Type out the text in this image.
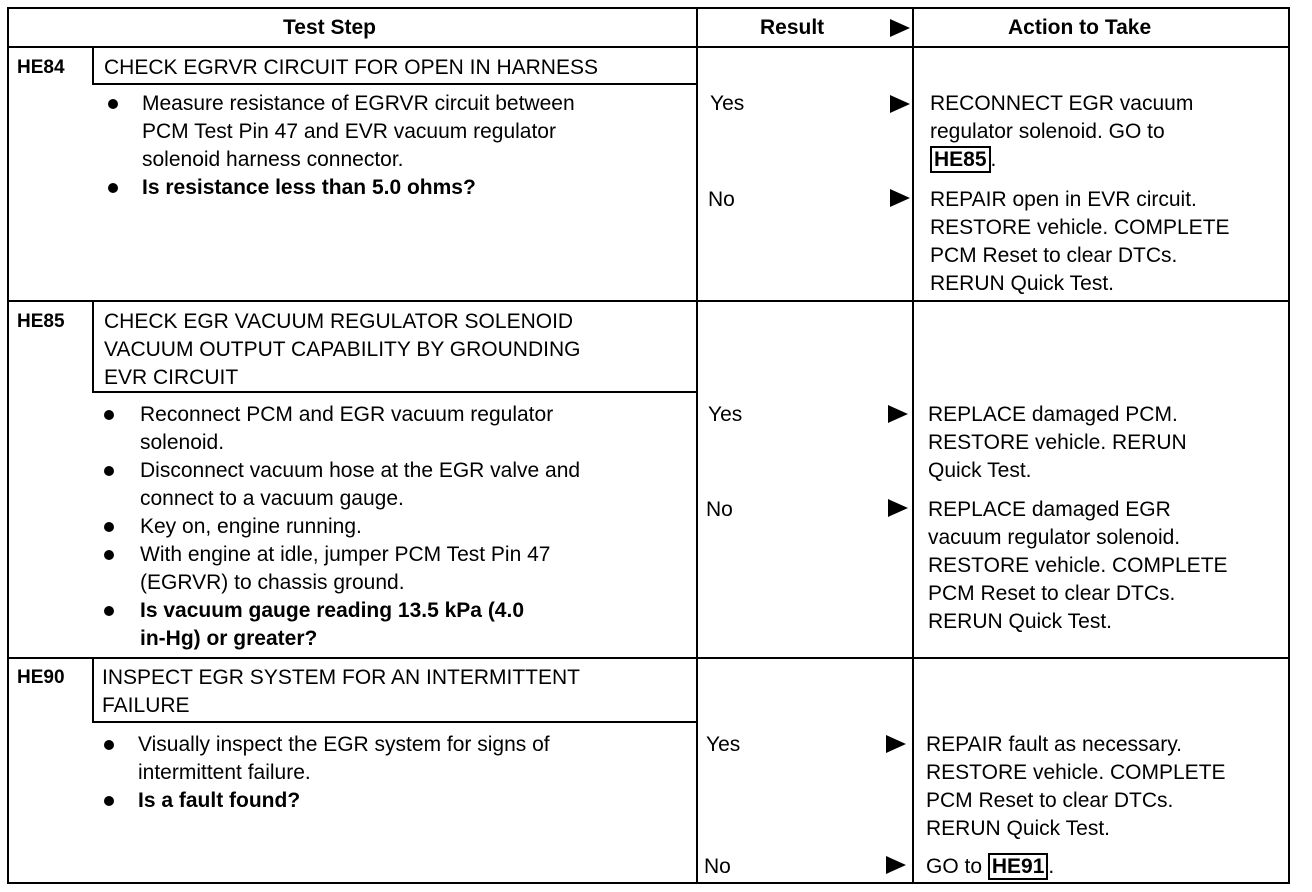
Test Step	Result	Action to Take
HE84 CHECK EGRVR CIRCUIT FOR OPEN IN HARNESS
Measure resistance of EGRVR circuit between
PCM Test Pin 47 and EVR vacuum regulator
solenoid harness connector.
Is resistance less than 5.0 ohms?
Yes	RECONNECT EGR vacuum
regulator solenoid. GO to
HE85 .
No	REPAIR open in EVR circuit.
RESTORE vehicle. COMPLETE
PCM Reset to clear DTCs.
RERUN Quick Test.
HE85 CHECK EGR VACUUM REGULATOR SOLENOID
VACUUM OUTPUT CAPABILITY BY GROUNDING
EVR CIRCUIT
Reconnect PCM and EGR vacuum regulator
solenoid.
Disconnect vacuum hose at the EGR valve and
connect to a vacuum gauge.
Key on, engine running.
With engine at idle, jumper PCM Test Pin 47
(EGRVR) to chassis ground.
Is vacuum gauge reading 13.5 kPa (4.0
in-Hg) or greater?
Yes	REPLACE damaged PCM.
RESTORE vehicle. RERUN
Quick Test.
No	REPLACE damaged EGR
vacuum regulator solenoid.
RESTORE vehicle. COMPLETE
PCM Reset to clear DTCs.
RERUN Quick Test.
HE90 INSPECT EGR SYSTEM FOR AN INTERMITTENT
FAILURE
Visually inspect the EGR system for signs of
intermittent failure.
Is a fault found?
Yes	REPAIR fault as necessary.
RESTORE vehicle. COMPLETE
PCM Reset to clear DTCs.
RERUN Quick Test.
No	GO to HE91 .
